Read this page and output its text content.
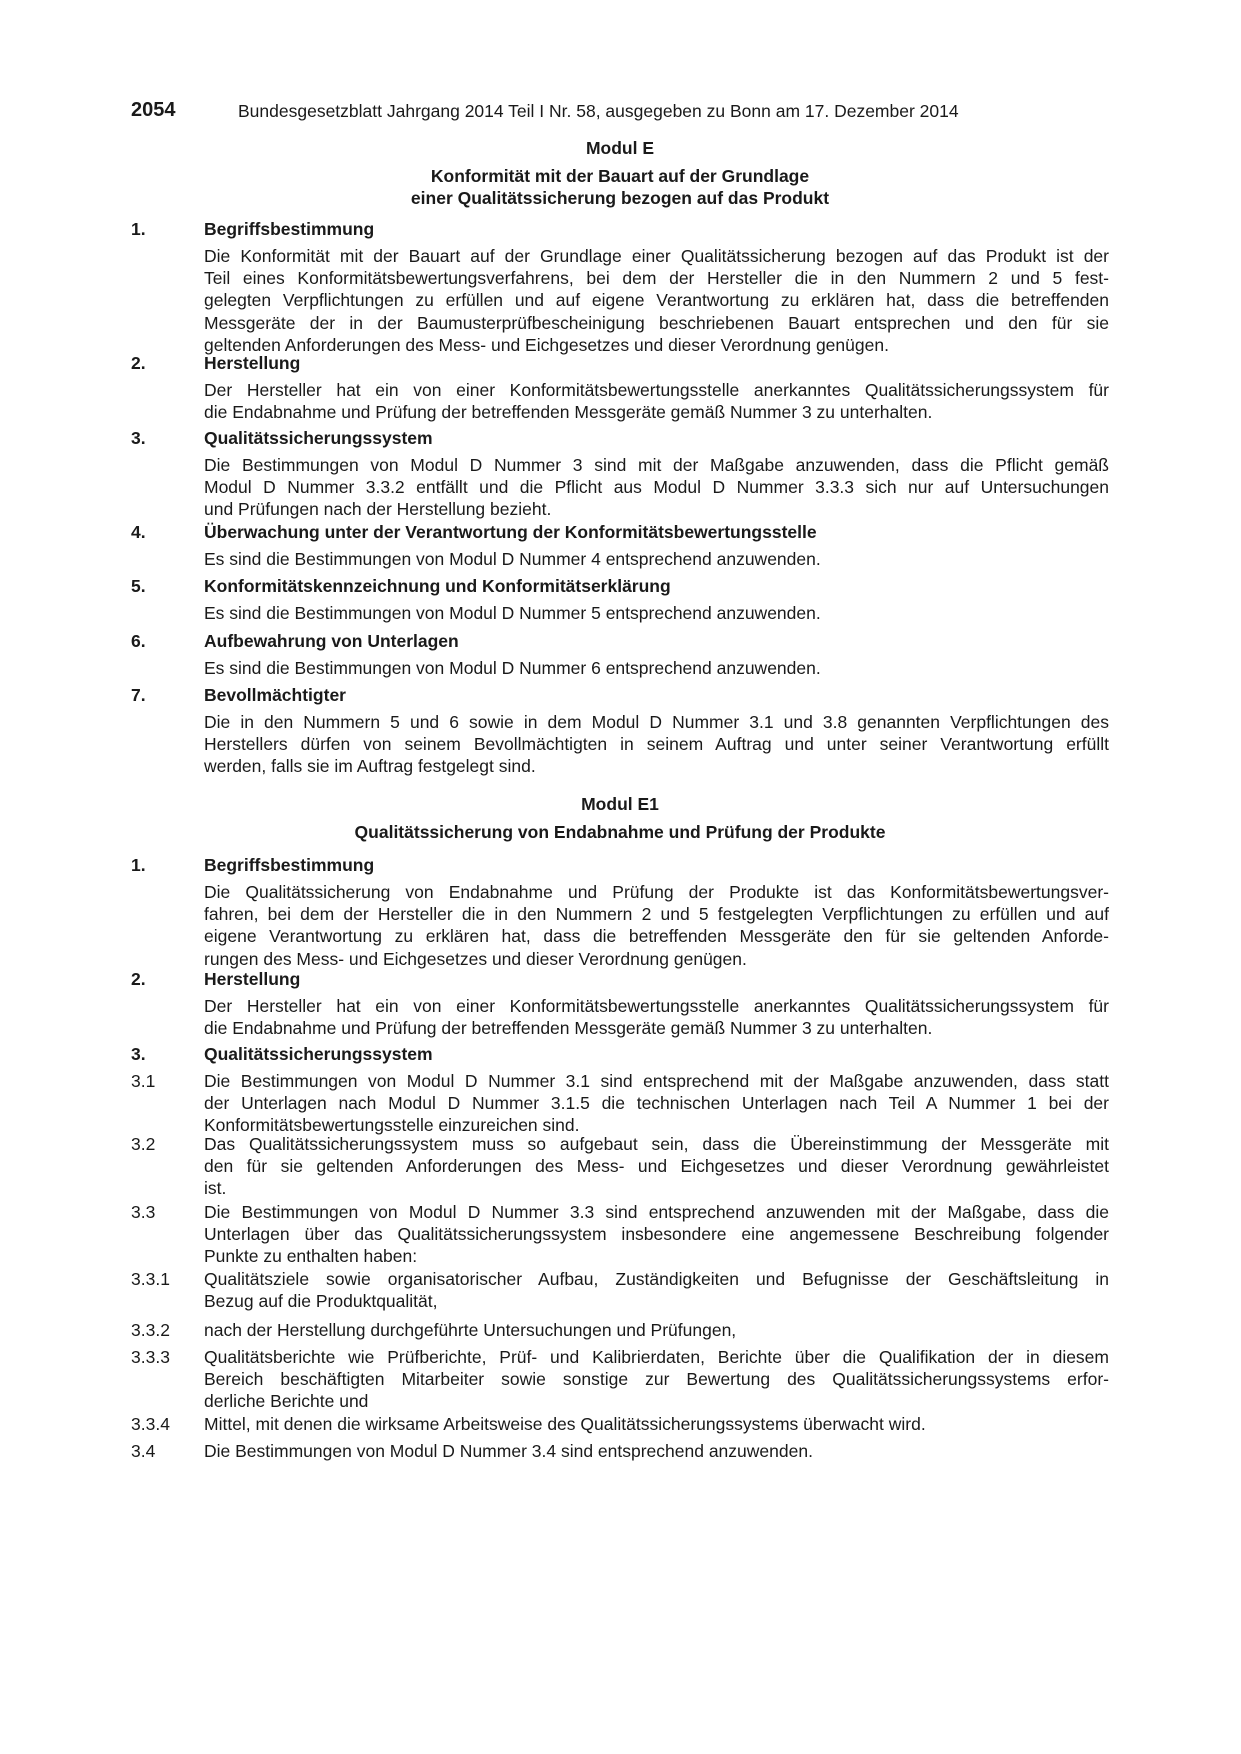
2054	Bundesgesetzblatt Jahrgang 2014 Teil I Nr. 58, ausgegeben zu Bonn am 17. Dezember 2014
Modul E
Konformität mit der Bauart auf der Grundlage
einer Qualitätssicherung bezogen auf das Produkt
1.	Begriffsbestimmung
Die Konformität mit der Bauart auf der Grundlage einer Qualitätssicherung bezogen auf das Produkt ist der
Teil eines Konformitätsbewertungsverfahrens, bei dem der Hersteller die in den Nummern 2 und 5 fest-
gelegten Verpflichtungen zu erfüllen und auf eigene Verantwortung zu erklären hat, dass die betreffenden
Messgeräte der in der Baumusterprüfbescheinigung beschriebenen Bauart entsprechen und den für sie
geltenden Anforderungen des Mess- und Eichgesetzes und dieser Verordnung genügen.
2.	Herstellung
Der Hersteller hat ein von einer Konformitätsbewertungsstelle anerkanntes Qualitätssicherungssystem für
die Endabnahme und Prüfung der betreffenden Messgeräte gemäß Nummer 3 zu unterhalten.
3.	Qualitätssicherungssystem
Die Bestimmungen von Modul D Nummer 3 sind mit der Maßgabe anzuwenden, dass die Pflicht gemäß
Modul D Nummer 3.3.2 entfällt und die Pflicht aus Modul D Nummer 3.3.3 sich nur auf Untersuchungen
und Prüfungen nach der Herstellung bezieht.
4.	Überwachung unter der Verantwortung der Konformitätsbewertungsstelle
Es sind die Bestimmungen von Modul D Nummer 4 entsprechend anzuwenden.
5.	Konformitätskennzeichnung und Konformitätserklärung
Es sind die Bestimmungen von Modul D Nummer 5 entsprechend anzuwenden.
6.	Aufbewahrung von Unterlagen
Es sind die Bestimmungen von Modul D Nummer 6 entsprechend anzuwenden.
7.	Bevollmächtigter
Die in den Nummern 5 und 6 sowie in dem Modul D Nummer 3.1 und 3.8 genannten Verpflichtungen des
Herstellers dürfen von seinem Bevollmächtigten in seinem Auftrag und unter seiner Verantwortung erfüllt
werden, falls sie im Auftrag festgelegt sind.
Modul E1
Qualitätssicherung von Endabnahme und Prüfung der Produkte
1.	Begriffsbestimmung
Die Qualitätssicherung von Endabnahme und Prüfung der Produkte ist das Konformitätsbewertungsver-
fahren, bei dem der Hersteller die in den Nummern 2 und 5 festgelegten Verpflichtungen zu erfüllen und auf
eigene Verantwortung zu erklären hat, dass die betreffenden Messgeräte den für sie geltenden Anforde-
rungen des Mess- und Eichgesetzes und dieser Verordnung genügen.
2.	Herstellung
Der Hersteller hat ein von einer Konformitätsbewertungsstelle anerkanntes Qualitätssicherungssystem für
die Endabnahme und Prüfung der betreffenden Messgeräte gemäß Nummer 3 zu unterhalten.
3.	Qualitätssicherungssystem
3.1	Die Bestimmungen von Modul D Nummer 3.1 sind entsprechend mit der Maßgabe anzuwenden, dass statt
der Unterlagen nach Modul D Nummer 3.1.5 die technischen Unterlagen nach Teil A Nummer 1 bei der
Konformitätsbewertungsstelle einzureichen sind.
3.2	Das Qualitätssicherungssystem muss so aufgebaut sein, dass die Übereinstimmung der Messgeräte mit
den für sie geltenden Anforderungen des Mess- und Eichgesetzes und dieser Verordnung gewährleistet
ist.
3.3	Die Bestimmungen von Modul D Nummer 3.3 sind entsprechend anzuwenden mit der Maßgabe, dass die
Unterlagen über das Qualitätssicherungssystem insbesondere eine angemessene Beschreibung folgender
Punkte zu enthalten haben:
3.3.1 Qualitätsziele sowie organisatorischer Aufbau, Zuständigkeiten und Befugnisse der Geschäftsleitung in
Bezug auf die Produktqualität,
3.3.2 nach der Herstellung durchgeführte Untersuchungen und Prüfungen,
3.3.3 Qualitätsberichte wie Prüfberichte, Prüf- und Kalibrierdaten, Berichte über die Qualifikation der in diesem
Bereich beschäftigten Mitarbeiter sowie sonstige zur Bewertung des Qualitätssicherungssystems erfor-
derliche Berichte und
3.3.4 Mittel, mit denen die wirksame Arbeitsweise des Qualitätssicherungssystems überwacht wird.
3.4	Die Bestimmungen von Modul D Nummer 3.4 sind entsprechend anzuwenden.
